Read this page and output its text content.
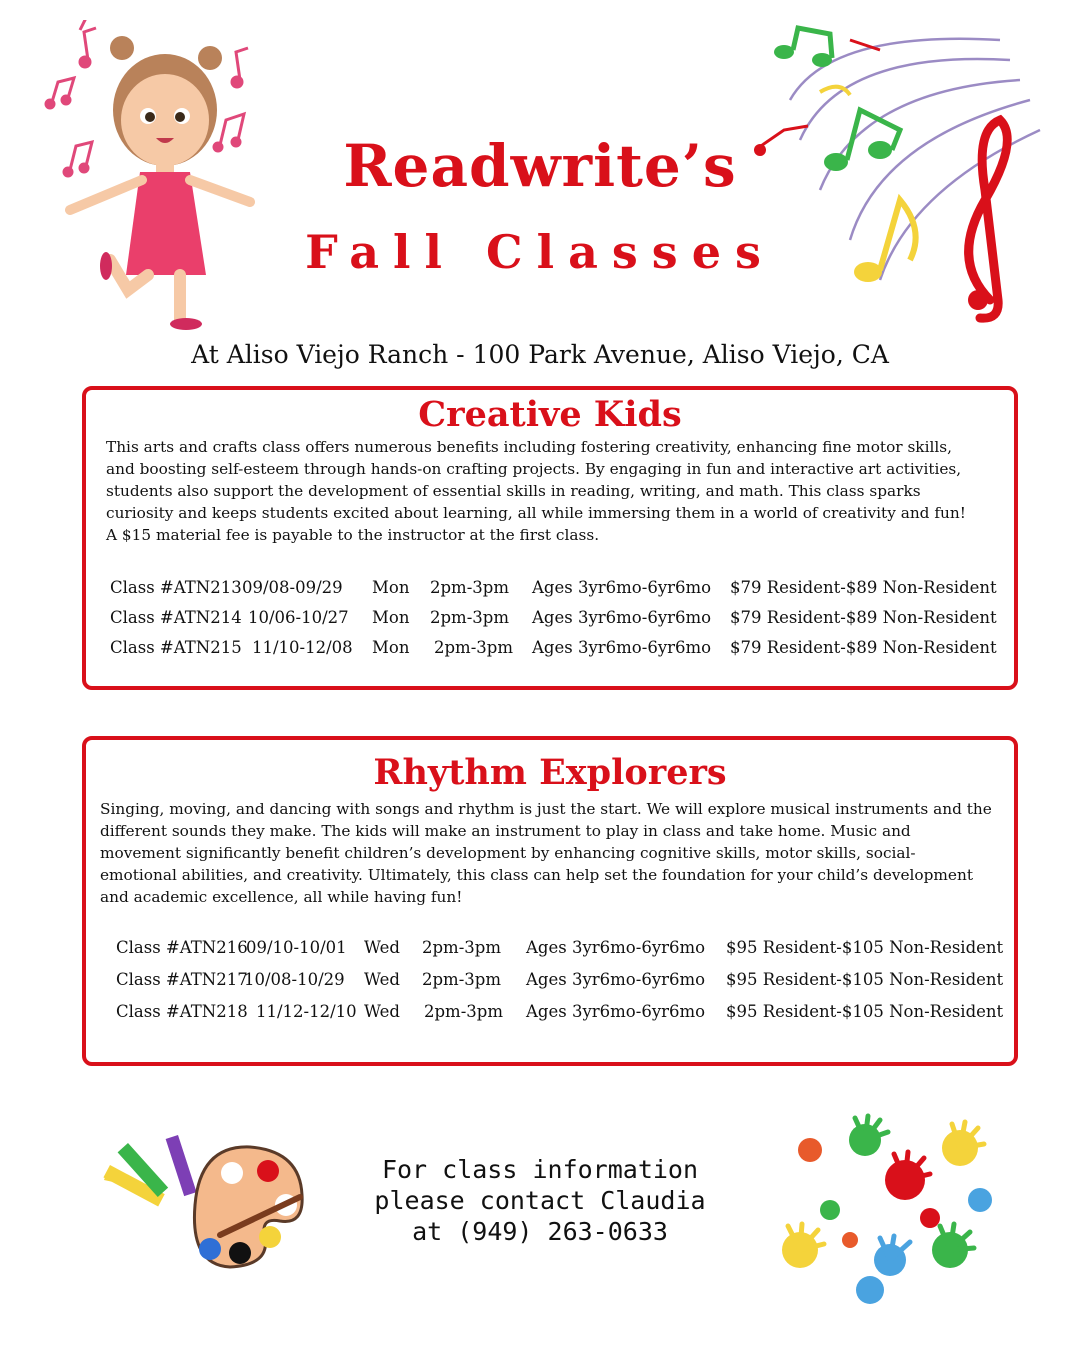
Readwrite’s
Fall Classes
At Aliso Viejo Ranch - 100 Park Avenue, Aliso Viejo, CA
Creative Kids
This arts and crafts class offers numerous benefits including fostering creativity, enhancing fine motor skills,
and boosting self-esteem through hands-on crafting projects. By engaging in fun and interactive art activities,
students also support the development of essential skills in reading, writing, and math. This class sparks
curiosity and keeps students excited about learning, all while immersing them in a world of creativity and fun!
A $15 material fee is payable to the instructor at the first class.
Class #ATN213 09/08-09/29 Mon 2pm-3pm Ages 3yr6mo-6yr6mo $79 Resident-$89 Non-Resident
Class #ATN214 10/06-10/27 Mon 2pm-3pm Ages 3yr6mo-6yr6mo $79 Resident-$89 Non-Resident
Class #ATN215 11/10-12/08 Mon 2pm-3pm Ages 3yr6mo-6yr6mo $79 Resident-$89 Non-Resident
Rhythm Explorers
Singing, moving, and dancing with songs and rhythm is just the start. We will explore musical instruments and the
different sounds they make. The kids will make an instrument to play in class and take home. Music and
movement significantly benefit children’s development by enhancing cognitive skills, motor skills, social-
emotional abilities, and creativity. Ultimately, this class can help set the foundation for your child’s development
and academic excellence, all while having fun!
Class #ATN216
09/10-10/01 Wed 2pm-3pm Ages 3yr6mo-6yr6mo $95 Resident-$105 Non-Resident
Class #ATN217
10/08-10/29 Wed 2pm-3pm Ages 3yr6mo-6yr6mo $95 Resident-$105 Non-Resident
Class #ATN218 11/12-12/10 Wed 2pm-3pm Ages 3yr6mo-6yr6mo $95 Resident-$105 Non-Resident
For class information
please contact Claudia
at (949) 263-0633
